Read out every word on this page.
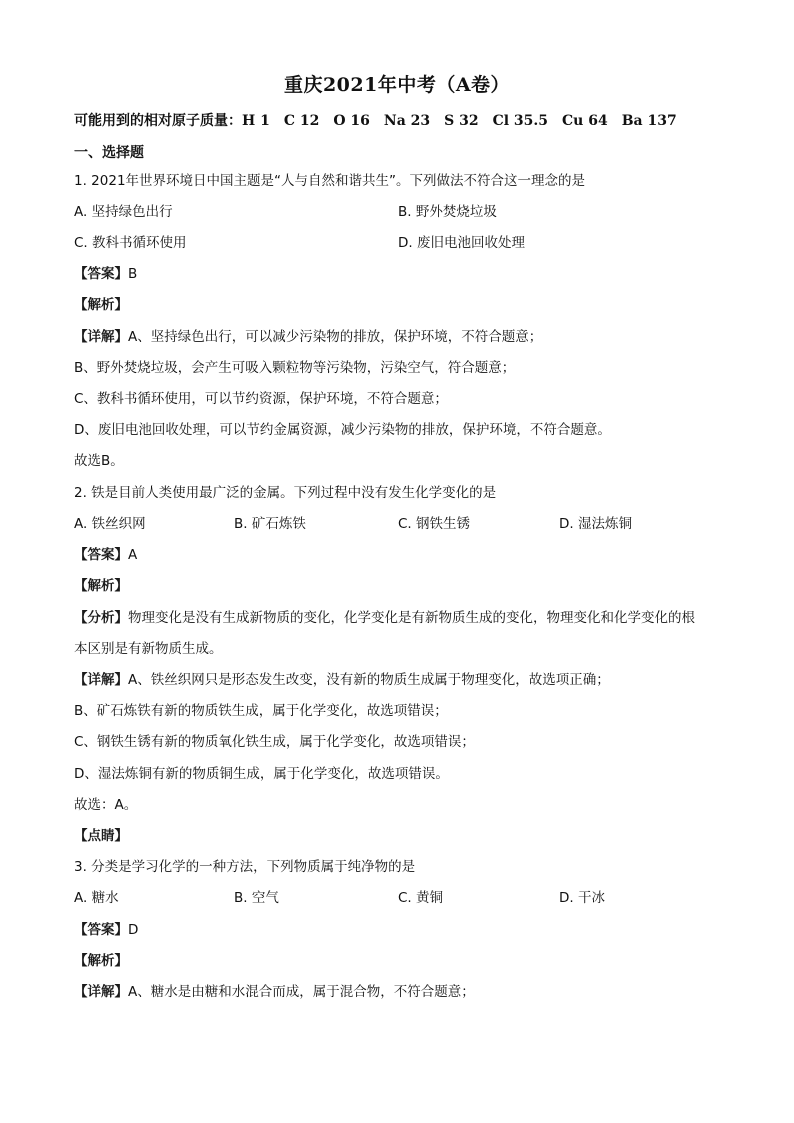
重庆2021年中考（A卷）
可能用到的相对原子质量：H 1　C 12　O 16　Na 23　S 32　Cl 35.5　Cu 64　Ba 137
一、选择题
1. 2021年世界环境日中国主题是“人与自然和谐共生”。下列做法不符合这一理念的是
A. 坚持绿色出行	B. 野外焚烧垃圾
C. 教科书循环使用	D. 废旧电池回收处理
【答案】B
【解析】
【详解】A、坚持绿色出行，可以减少污染物的排放，保护环境，不符合题意；
B、野外焚烧垃圾，会产生可吸入颗粒物等污染物，污染空气，符合题意；
C、教科书循环使用，可以节约资源，保护环境，不符合题意；
D、废旧电池回收处理，可以节约金属资源，减少污染物的排放，保护环境，不符合题意。
故选B。
2. 铁是目前人类使用最广泛的金属。下列过程中没有发生化学变化的是
A. 铁丝织网	B. 矿石炼铁	C. 钢铁生锈	D. 湿法炼铜
【答案】A
【解析】
【分析】物理变化是没有生成新物质的变化，化学变化是有新物质生成的变化，物理变化和化学变化的根
本区别是有新物质生成。
【详解】A、铁丝织网只是形态发生改变，没有新的物质生成属于物理变化，故选项正确；
B、矿石炼铁有新的物质铁生成，属于化学变化，故选项错误；
C、钢铁生锈有新的物质氧化铁生成，属于化学变化，故选项错误；
D、湿法炼铜有新的物质铜生成，属于化学变化，故选项错误。
故选：A。
【点睛】
3. 分类是学习化学的一种方法，下列物质属于纯净物的是
A. 糖水	B. 空气	C. 黄铜	D. 干冰
【答案】D
【解析】
【详解】A、糖水是由糖和水混合而成，属于混合物，不符合题意；
